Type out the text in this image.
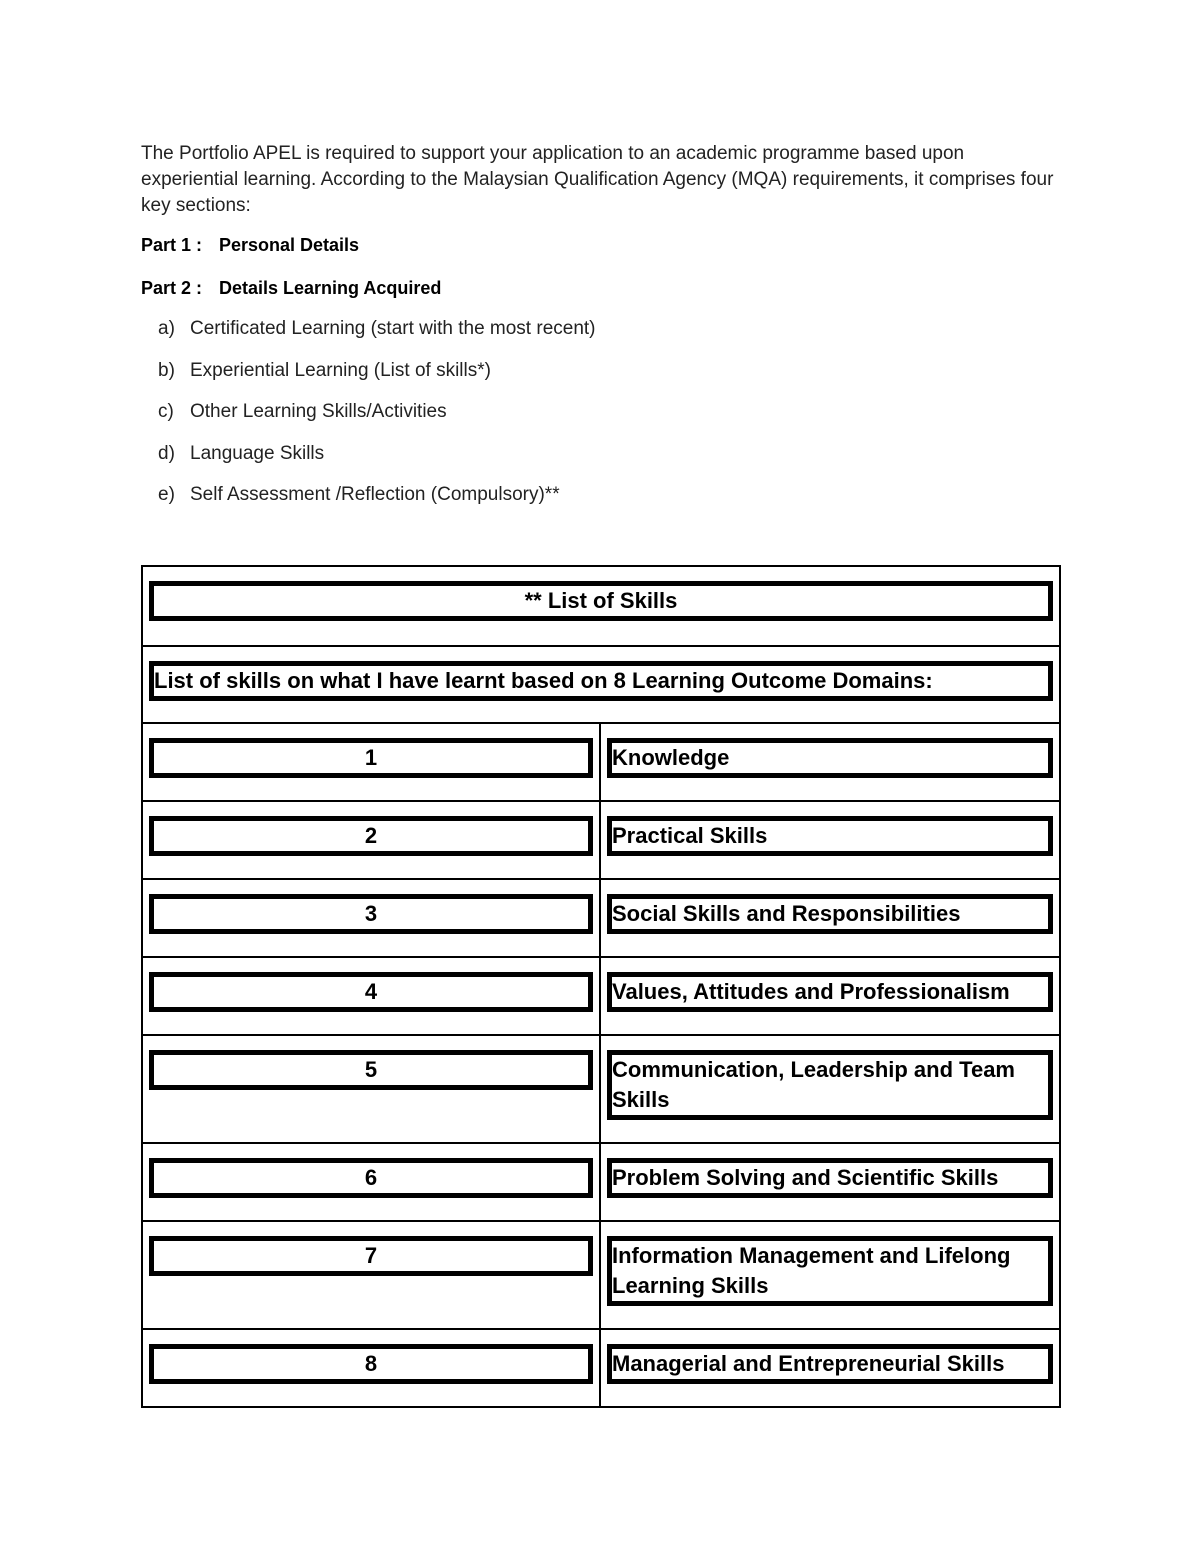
The Portfolio APEL is required to support your application to an academic programme based upon experiential learning. According to the Malaysian Qualification Agency (MQA) requirements, it comprises four key sections:

Part 1 : Personal Details

Part 2 : Details Learning Acquired

a) Certificated Learning (start with the most recent)

b) Experiential Learning (List of skills*)

c) Other Learning Skills/Activities

d) Language Skills

e) Self Assessment /Reflection (Compulsory)**

** List of Skills	

List of skills on what I have learnt based on 8 Learning Outcome Domains:	

1	Knowledge

2	Practical Skills

3	Social Skills and Responsibilities

4	Values, Attitudes and Professionalism

5	Communication, Leadership and Team Skills

6	Problem Solving and Scientific Skills

7	Information Management and Lifelong Learning Skills

8	Managerial and Entrepreneurial Skills
